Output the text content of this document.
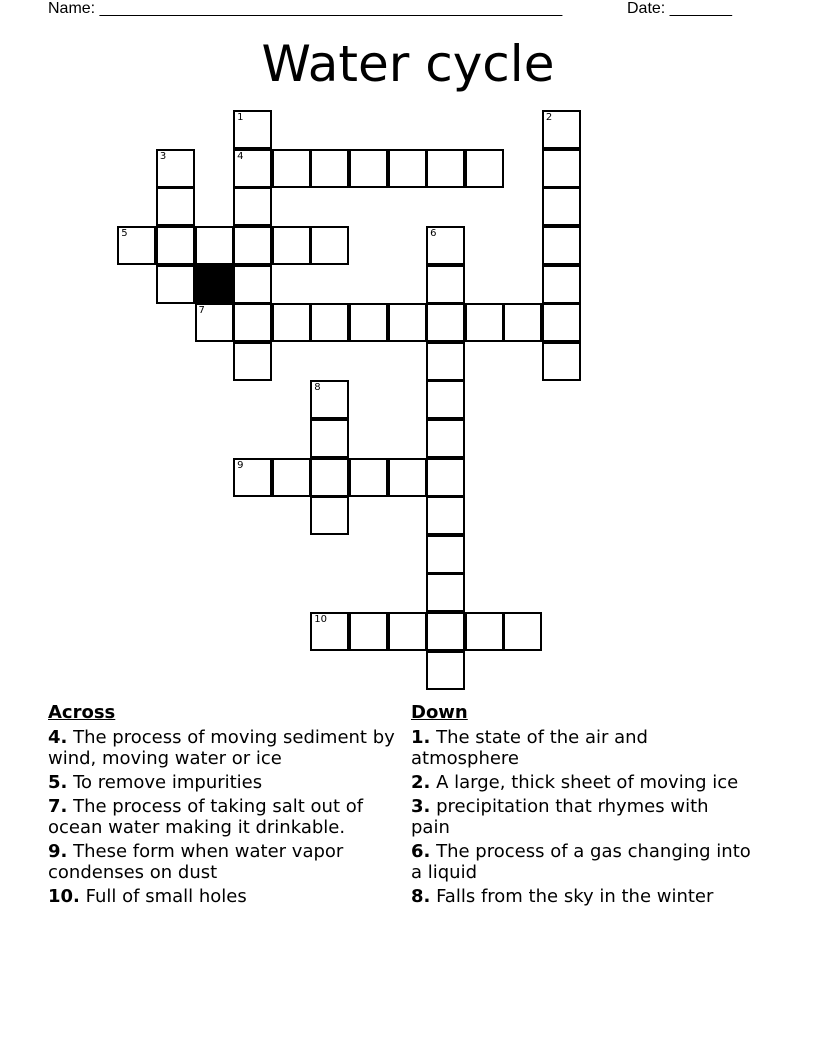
Name: ____________________________________________________	Date: _______
Water cycle
1	2
3	4
5	6
7
8
9
10
Across
4. The process of moving sediment by wind, moving water or ice
5. To remove impurities
7. The process of taking salt out of ocean water making it drinkable.
9. These form when water vapor condenses on dust
10. Full of small holes
Down
1. The state of the air and atmosphere
2. A large, thick sheet of moving ice
3. precipitation that rhymes with pain
6. The process of a gas changing into a liquid
8. Falls from the sky in the winter
